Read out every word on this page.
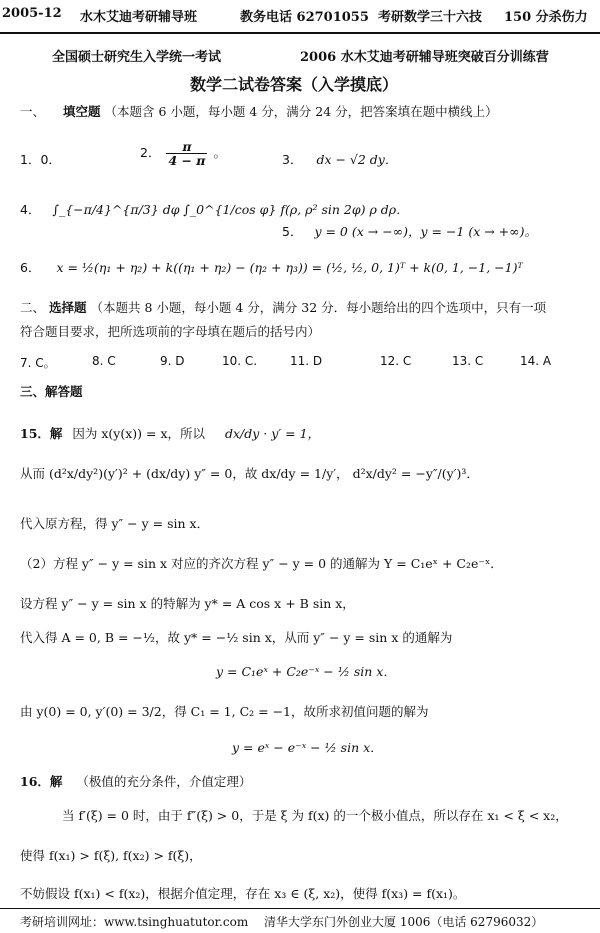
2005-12 水木艾迪考研辅导班	教务电话 62701055 考研数学三十六技 150 分杀伤力
全国硕士研究生入学统一考试	2006 水木艾迪考研辅导班突破百分训练营
数学二试卷答案（入学摸底）
一、 填空题 （本题含 6 小题，每小题 4 分，满分 24 分，把答案填在题中横线上）
1．0．	2． $\frac{\pi}{4 - \pi}$ 。	3． dx − √2 dy．
4． ∫_{−π/4}^{π/3} dφ ∫_0^{1/cos φ} f(ρ, ρ² sin 2φ) ρ dρ．
5． y = 0 (x → −∞)，y = −1 (x → +∞)。
6． x = ½(η₁ + η₂) + k((η₁ + η₂) − (η₂ + η₃)) = (½, ½, 0, 1)ᵀ + k(0, 1, −1, −1)ᵀ
二、 选择题 （本题共 8 小题，每小题 4 分，满分 32 分．每小题给出的四个选项中，只有一项
符合题目要求，把所选项前的字母填在题后的括号内）
7. C。	8. C	9. D	10. C.	11. D	12. C	13. C	14. A
三、解答题
15．解 因为 x(y(x)) = x，所以 dx/dy · y′ = 1，
从而 (d²x/dy²)(y′)² + (dx/dy) y″ = 0，故 dx/dy = 1/y′， d²x/dy² = −y″/(y′)³．
代入原方程，得 y″ − y = sin x．
（2）方程 y″ − y = sin x 对应的齐次方程 y″ − y = 0 的通解为 Y = C₁eˣ + C₂e⁻ˣ．
设方程 y″ − y = sin x 的特解为 y* = A cos x + B sin x，
代入得 A = 0, B = −½，故 y* = −½ sin x，从而 y″ − y = sin x 的通解为
y = C₁eˣ + C₂e⁻ˣ − ½ sin x．
由 y(0) = 0, y′(0) = 3/2，得 C₁ = 1, C₂ = −1，故所求初值问题的解为
y = eˣ − e⁻ˣ − ½ sin x．
16．解 （极值的充分条件，介值定理）
当 f′(ξ) = 0 时，由于 f″(ξ) > 0，于是 ξ 为 f(x) 的一个极小值点，所以存在 x₁ < ξ < x₂，
使得 f(x₁) > f(ξ), f(x₂) > f(ξ)，
不妨假设 f(x₁) < f(x₂)，根据介值定理，存在 x₃ ∈ (ξ, x₂)，使得 f(x₃) = f(x₁)。
考研培训网址：www.tsinghuatutor.com 清华大学东门外创业大厦 1006（电话 62796032）
